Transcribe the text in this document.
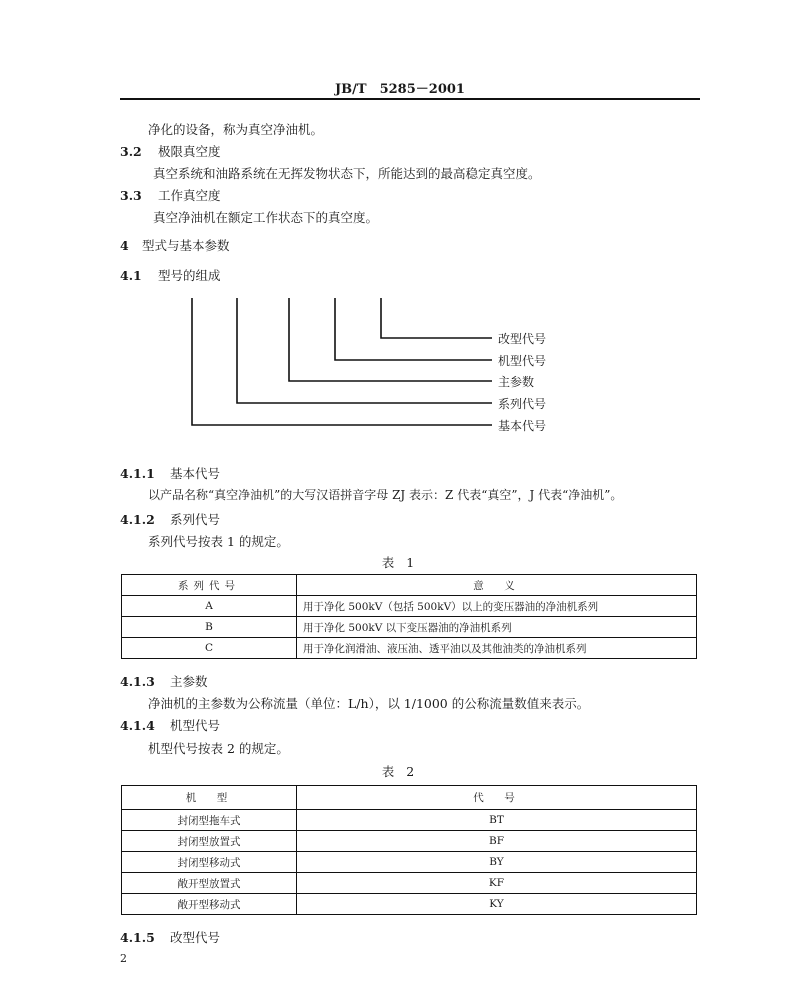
JB/T　5285－2001
净化的设备，称为真空净油机。
3.2 极限真空度
真空系统和油路系统在无挥发物状态下，所能达到的最高稳定真空度。
3.3 工作真空度
真空净油机在额定工作状态下的真空度。
4 型式与基本参数
4.1 型号的组成
改型代号
机型代号
主参数
系列代号
基本代号
4.1.1 基本代号
以产品名称“真空净油机”的大写汉语拼音字母 ZJ 表示：Z 代表“真空”，J 代表“净油机”。
4.1.2 系列代号
系列代号按表 1 的规定。
表 1
系列代号	意　义
A	用于净化 500kV（包括 500kV）以上的变压器油的净油机系列
B	用于净化 500kV 以下变压器油的净油机系列
C	用于净化润滑油、液压油、透平油以及其他油类的净油机系列
4.1.3 主参数
净油机的主参数为公称流量（单位：L/h），以 1/1000 的公称流量数值来表示。
4.1.4 机型代号
机型代号按表 2 的规定。
表 2
机　型	代　号
封闭型拖车式	BT
封闭型放置式	BF
封闭型移动式	BY
敞开型放置式	KF
敞开型移动式	KY
4.1.5 改型代号
2
